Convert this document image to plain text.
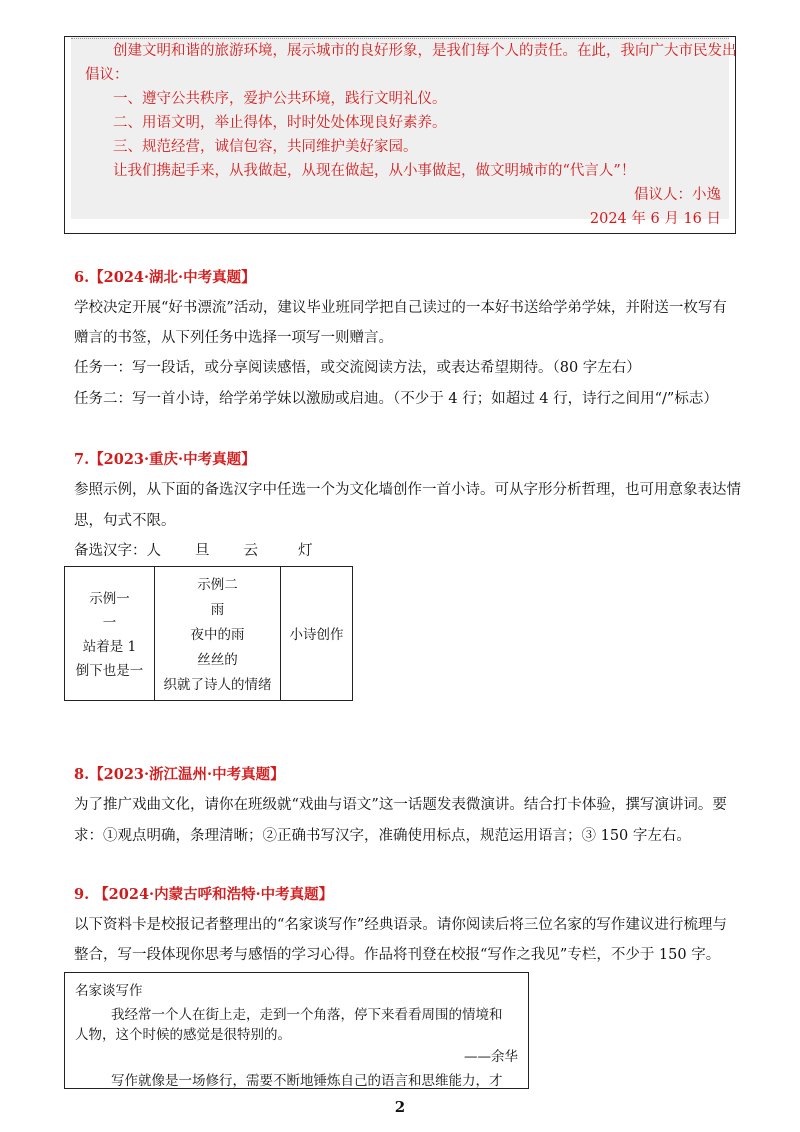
创建文明和谐的旅游环境，展示城市的良好形象，是我们每个人的责任。在此，我向广大市民发出
倡议：
一、遵守公共秩序，爱护公共环境，践行文明礼仪。
二、用语文明，举止得体，时时处处体现良好素养。
三、规范经营，诚信包容，共同维护美好家园。
让我们携起手来，从我做起，从现在做起，从小事做起，做文明城市的“代言人”！
倡议人：小逸
2024 年 6 月 16 日
6.【2024·湖北·中考真题】
学校决定开展“好书漂流”活动，建议毕业班同学把自己读过的一本好书送给学弟学妹，并附送一枚写有
赠言的书签，从下列任务中选择一项写一则赠言。
任务一：写一段话，或分享阅读感悟，或交流阅读方法，或表达希望期待。（80 字左右）
任务二：写一首小诗，给学弟学妹以激励或启迪。（不少于 4 行；如超过 4 行，诗行之间用“/”标志）
7.【2023·重庆·中考真题】
参照示例，从下面的备选汉字中任选一个为文化墙创作一首小诗。可从字形分析哲理，也可用意象表达情
思，句式不限。
备选汉字：人 旦 云	灯
示例一
一
站着是 1
倒下也是一
示例二
雨
夜中的雨
丝丝的
织就了诗人的情绪
小诗创作
8.【2023·浙江温州·中考真题】
为了推广戏曲文化，请你在班级就“戏曲与语文”这一话题发表微演讲。结合打卡体验，撰写演讲词。要
求：①观点明确，条理清晰；②正确书写汉字，准确使用标点，规范运用语言；③ 150 字左右。
9. 【2024·内蒙古呼和浩特·中考真题】
以下资料卡是校报记者整理出的“名家谈写作”经典语录。请你阅读后将三位名家的写作建议进行梳理与
整合，写一段体现你思考与感悟的学习心得。作品将刊登在校报“写作之我见”专栏，不少于 150 字。
名家谈写作
我经常一个人在街上走，走到一个角落，停下来看看周围的情境和
人物，这个时候的感觉是很特别的。
——余华
写作就像是一场修行，需要不断地锤炼自己的语言和思维能力，才
2
